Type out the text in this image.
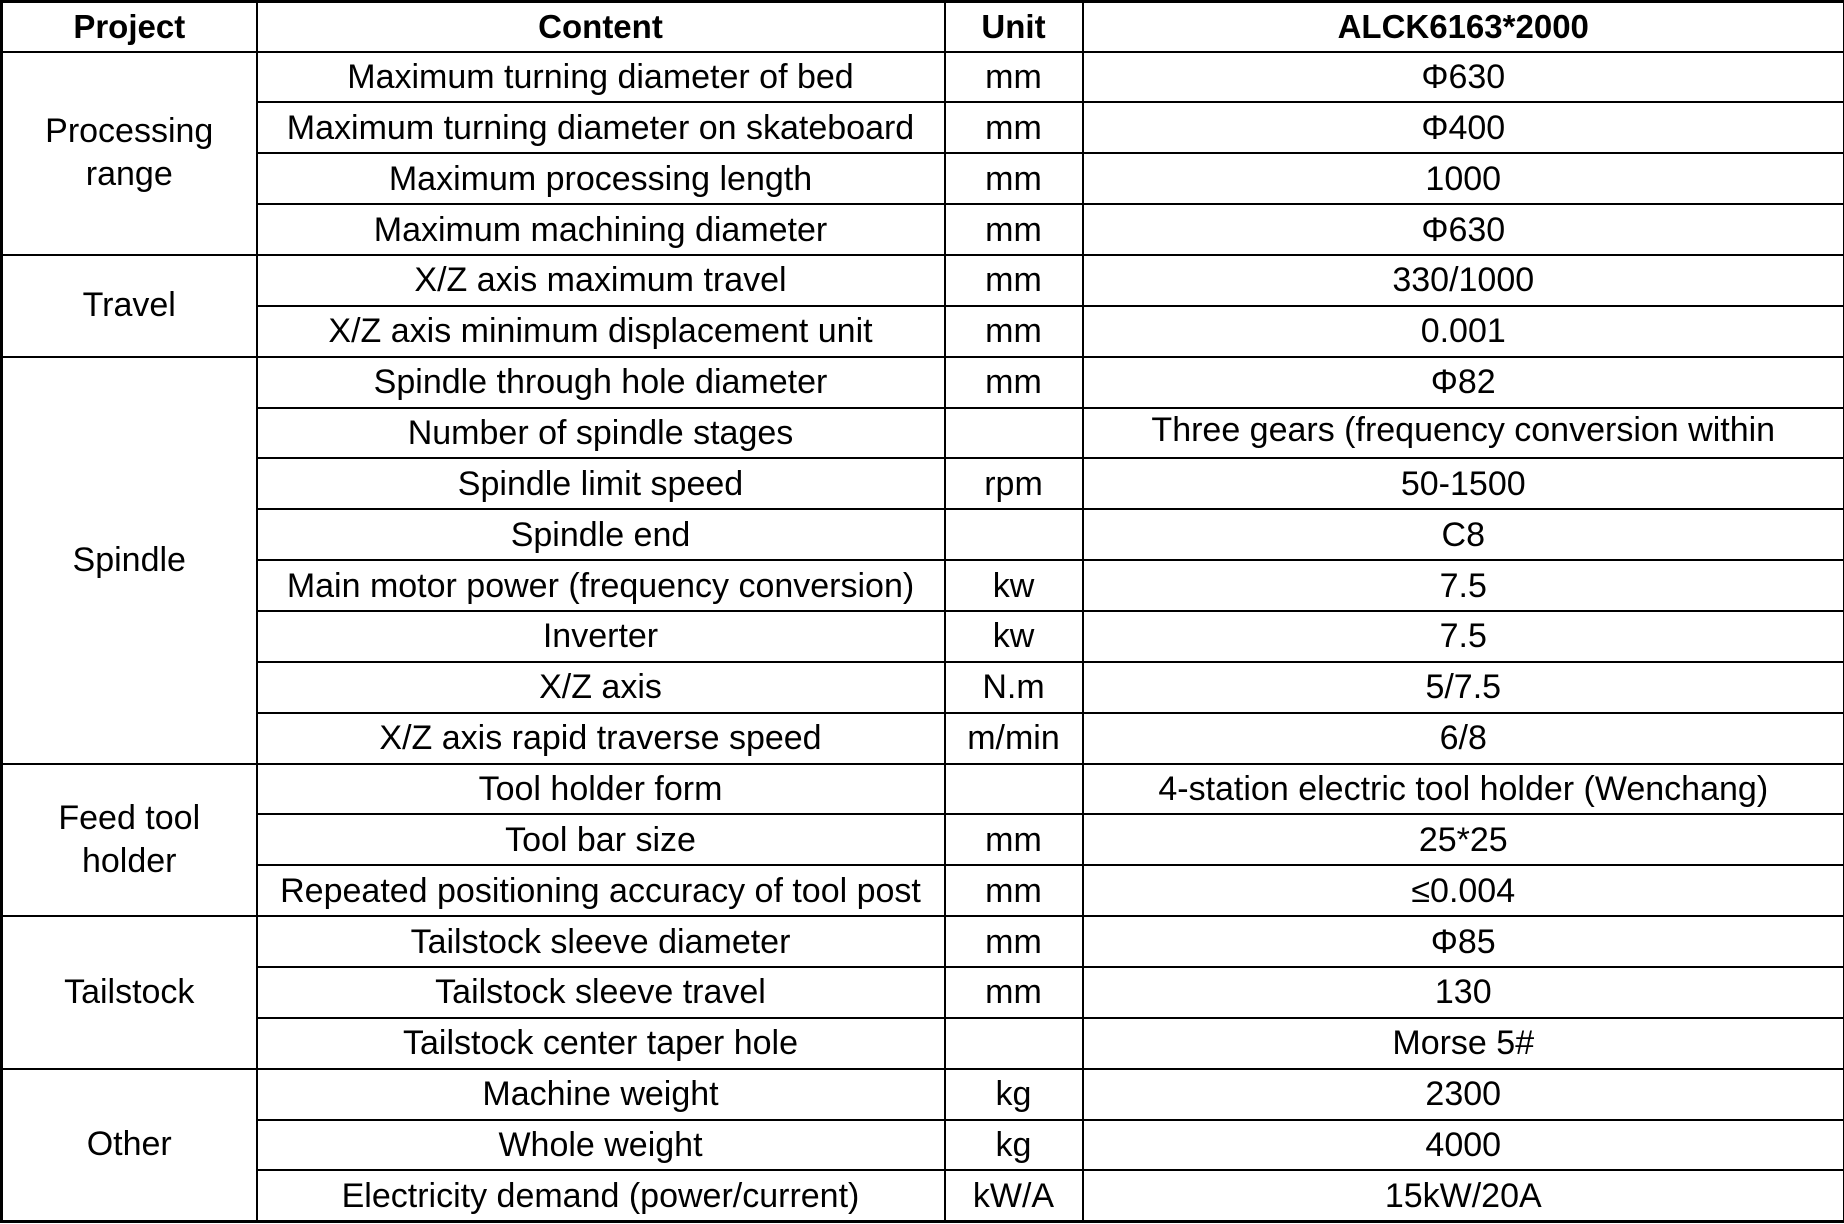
Project	Content	Unit	ALCK6163*2000
Processing range	Maximum turning diameter of bed	mm	Φ630
	Maximum turning diameter on skateboard	mm	Φ400
	Maximum processing length	mm	1000
	Maximum machining diameter	mm	Φ630
Travel	X/Z axis maximum travel	mm	330/1000
	X/Z axis minimum displacement unit	mm	0.001
Spindle	Spindle through hole diameter	mm	Φ82
	Number of spindle stages		Three gears (frequency conversion within
	Spindle limit speed	rpm	50-1500
	Spindle end		C8
	Main motor power (frequency conversion)	kw	7.5
	Inverter	kw	7.5
	X/Z axis	N.m	5/7.5
	X/Z axis rapid traverse speed	m/min	6/8
Feed tool holder	Tool holder form		4-station electric tool holder (Wenchang)
	Tool bar size	mm	25*25
	Repeated positioning accuracy of tool post	mm	≤0.004
Tailstock	Tailstock sleeve diameter	mm	Φ85
	Tailstock sleeve travel	mm	130
	Tailstock center taper hole		Morse 5#
Other	Machine weight	kg	2300
	Whole weight	kg	4000
	Electricity demand (power/current)	kW/A	15kW/20A
